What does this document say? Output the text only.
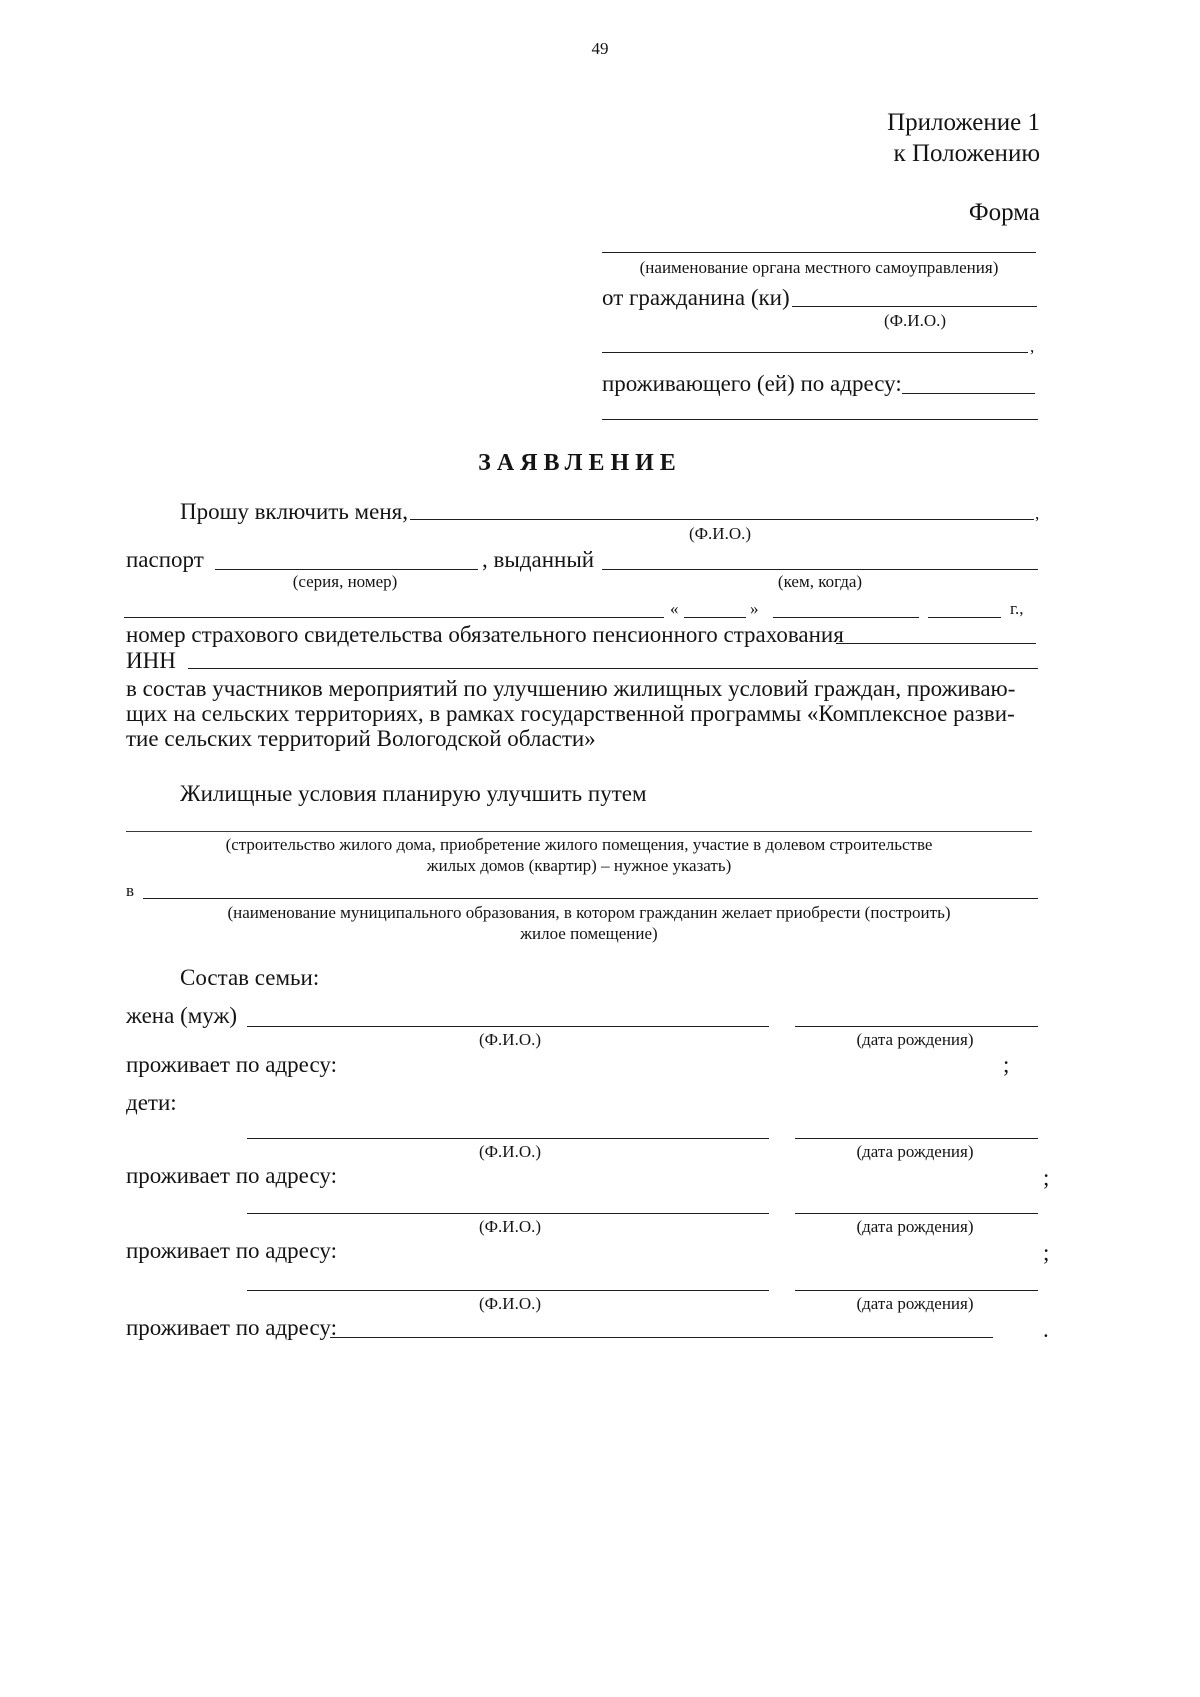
49
Приложение 1
к Положению
Форма
(наименование органа местного самоуправления)
от гражданина (ки)
(Ф.И.О.)
,
проживающего (ей) по адресу:
ЗАЯВЛЕНИЕ
Прошу включить меня,	,
(Ф.И.О.)
паспорт	, выданный
(серия, номер)	(кем, когда)
«	»	г.,
номер страхового свидетельства обязательного пенсионного страхования
ИНН
в состав участников мероприятий по улучшению жилищных условий граждан, проживаю-
щих на сельских территориях, в рамках государственной программы «Комплексное разви-
тие сельских территорий Вологодской области»
Жилищные условия планирую улучшить путем
(строительство жилого дома, приобретение жилого помещения, участие в долевом строительстве
жилых домов (квартир) – нужное указать)
в
(наименование муниципального образования, в котором гражданин желает приобрести (построить)
жилое помещение)
Состав семьи:
жена (муж)
(Ф.И.О.)	(дата рождения)
проживает по адресу:	;
дети:
(Ф.И.О.)	(дата рождения)
проживает по адресу:	;
(Ф.И.О.)	(дата рождения)
проживает по адресу:	;
(Ф.И.О.)	(дата рождения)
проживает по адресу:	.
